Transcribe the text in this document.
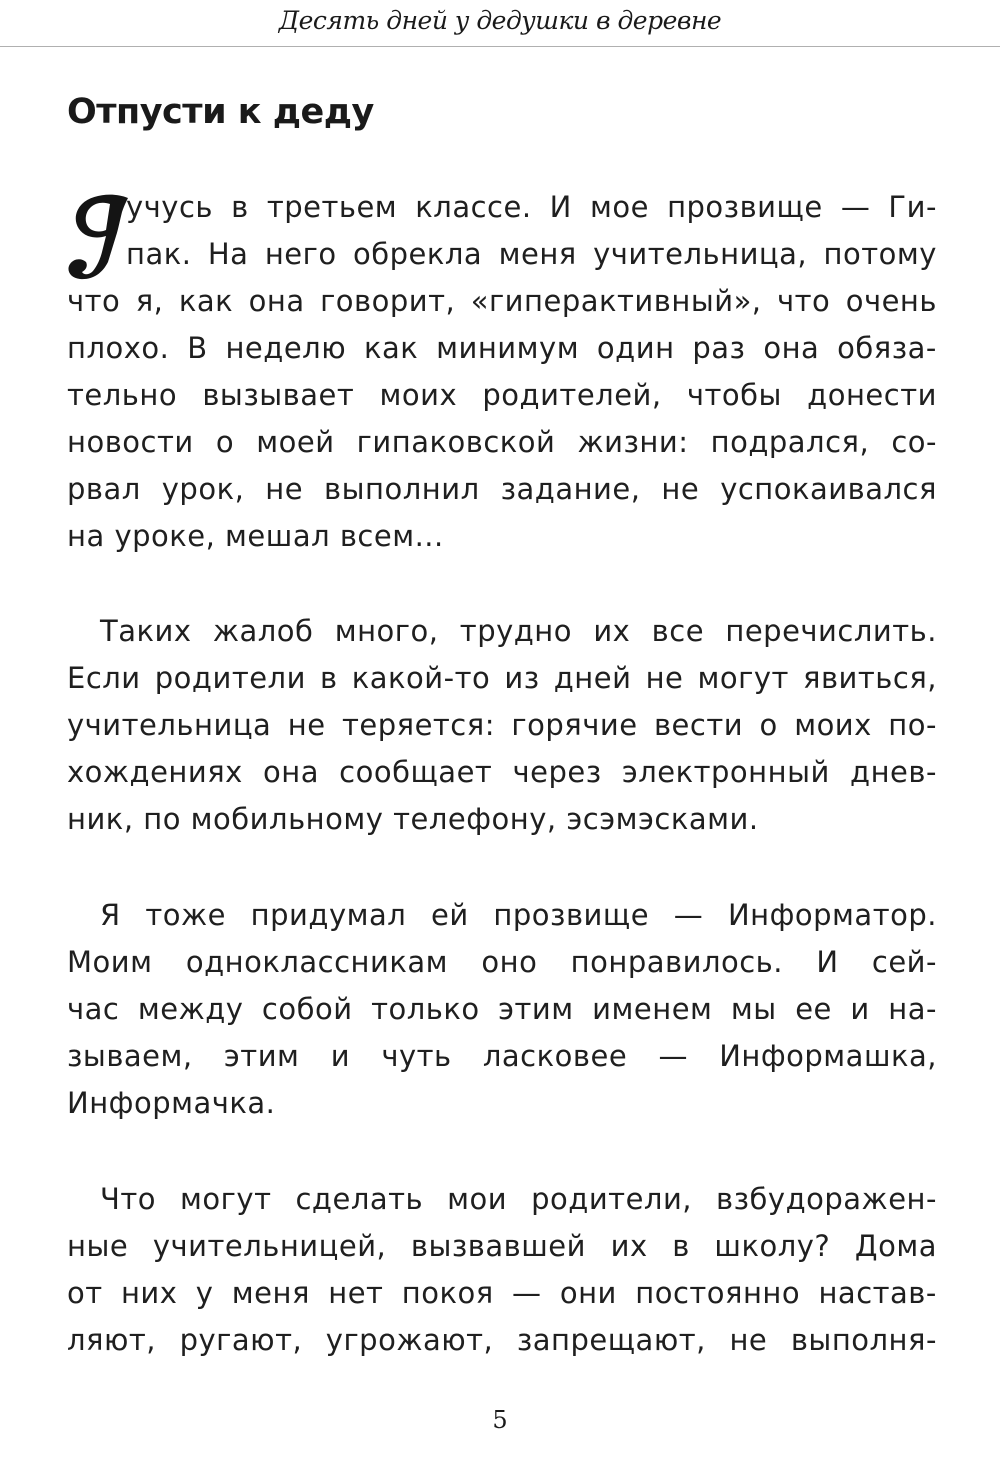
Десять дней у дедушки в деревне
Отпусти к деду
учусь в третьем классе. И мое прозвище — Ги-
пак. На него обрекла меня учительница, потому
что я, как она говорит, «гиперактивный», что очень
плохо. В неделю как минимум один раз она обяза-
тельно вызывает моих родителей, чтобы донести
новости о моей гипаковской жизни: подрался, со-
рвал урок, не выполнил задание, не успокаивался
на уроке, мешал всем...
Таких жалоб много, трудно их все перечислить.
Если родители в какой-то из дней не могут явиться,
учительница не теряется: горячие вести о моих по-
хождениях она сообщает через электронный днев-
ник, по мобильному телефону, эсэмэсками.
Я тоже придумал ей прозвище — Информатор.
Моим одноклассникам оно понравилось. И сей-
час между собой только этим именем мы ее и на-
зываем, этим и чуть ласковее — Информашка,
Информачка.
Что могут сделать мои родители, взбудоражен-
ные учительницей, вызвавшей их в школу? Дома
от них у меня нет покоя — они постоянно настав-
ляют, ругают, угрожают, запрещают, не выполня-
5
